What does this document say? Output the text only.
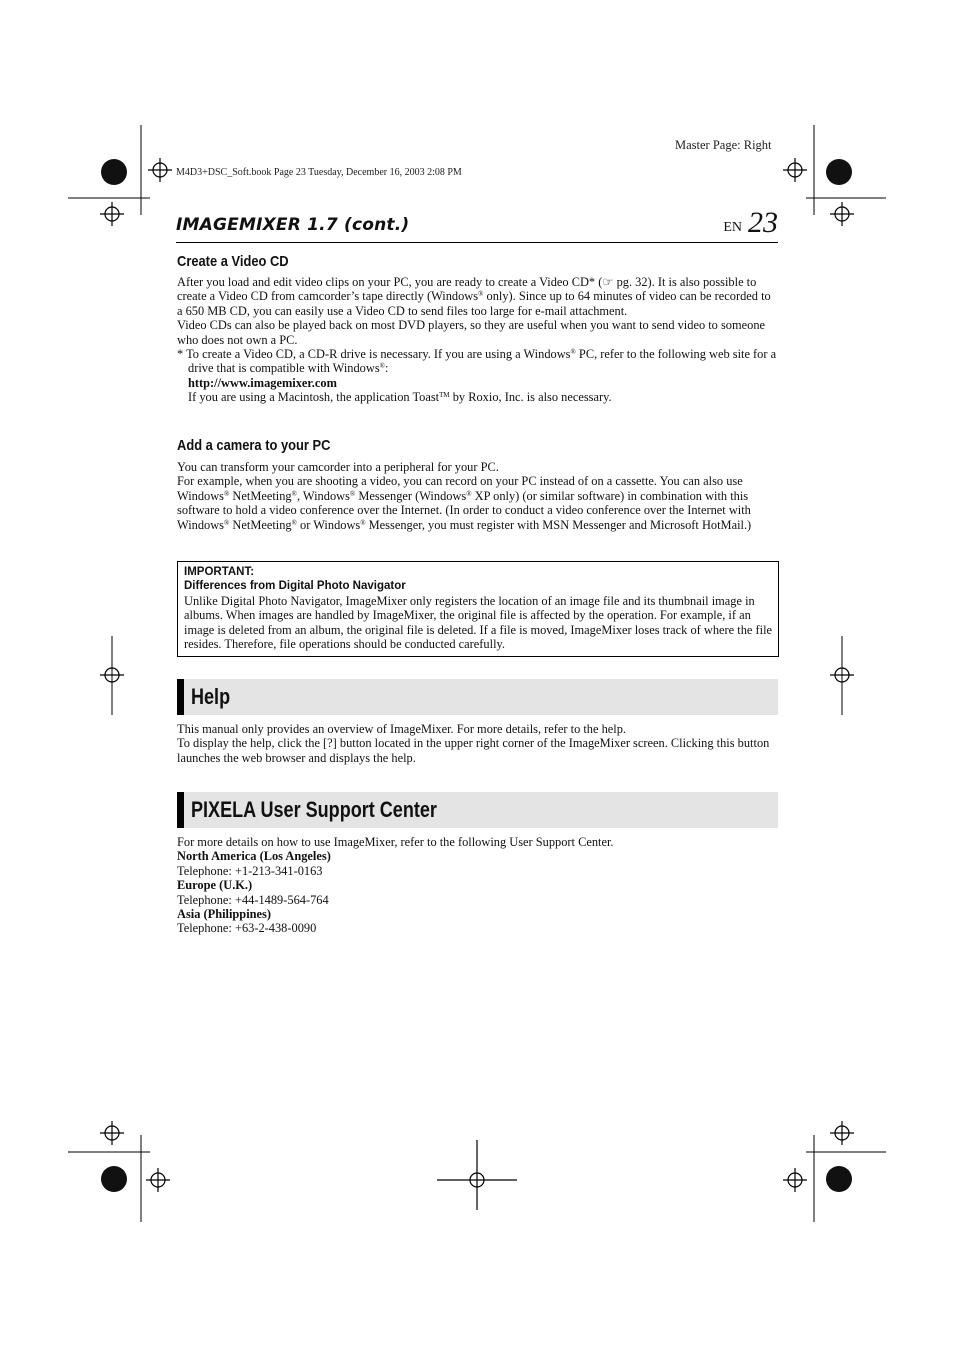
Master Page: Right
M4D3+DSC_Soft.book Page 23 Tuesday, December 16, 2003 2:08 PM
IMAGEMIXER 1.7 (cont.)	EN 23
Create a Video CD

After you load and edit video clips on your PC, you are ready to create a Video CD* (☞ pg. 32). It is also possible to create a Video CD from camcorder’s tape directly (Windows® only). Since up to 64 minutes of video can be recorded to a 650 MB CD, you can easily use a Video CD to send files too large for e-mail attachment.

Video CDs can also be played back on most DVD players, so they are useful when you want to send video to someone who does not own a PC.

* To create a Video CD, a CD-R drive is necessary. If you are using a Windows® PC, refer to the following web site for a drive that is compatible with Windows®:

http://www.imagemixer.com

If you are using a Macintosh, the application Toast™ by Roxio, Inc. is also necessary.

Add a camera to your PC

You can transform your camcorder into a peripheral for your PC.

For example, when you are shooting a video, you can record on your PC instead of on a cassette. You can also use Windows® NetMeeting®, Windows® Messenger (Windows® XP only) (or similar software) in combination with this software to hold a video conference over the Internet. (In order to conduct a video conference over the Internet with Windows® NetMeeting® or Windows® Messenger, you must register with MSN Messenger and Microsoft HotMail.)

IMPORTANT:
Differences from Digital Photo Navigator
Unlike Digital Photo Navigator, ImageMixer only registers the location of an image file and its thumbnail image in albums. When images are handled by ImageMixer, the original file is affected by the operation. For example, if an image is deleted from an album, the original file is deleted. If a file is moved, ImageMixer loses track of where the file resides. Therefore, file operations should be conducted carefully.
Help

This manual only provides an overview of ImageMixer. For more details, refer to the help.

To display the help, click the [?] button located in the upper right corner of the ImageMixer screen. Clicking this button launches the web browser and displays the help.

PIXELA User Support Center

For more details on how to use ImageMixer, refer to the following User Support Center.

North America (Los Angeles)

Telephone: +1-213-341-0163

Europe (U.K.)

Telephone: +44-1489-564-764

Asia (Philippines)

Telephone: +63-2-438-0090
